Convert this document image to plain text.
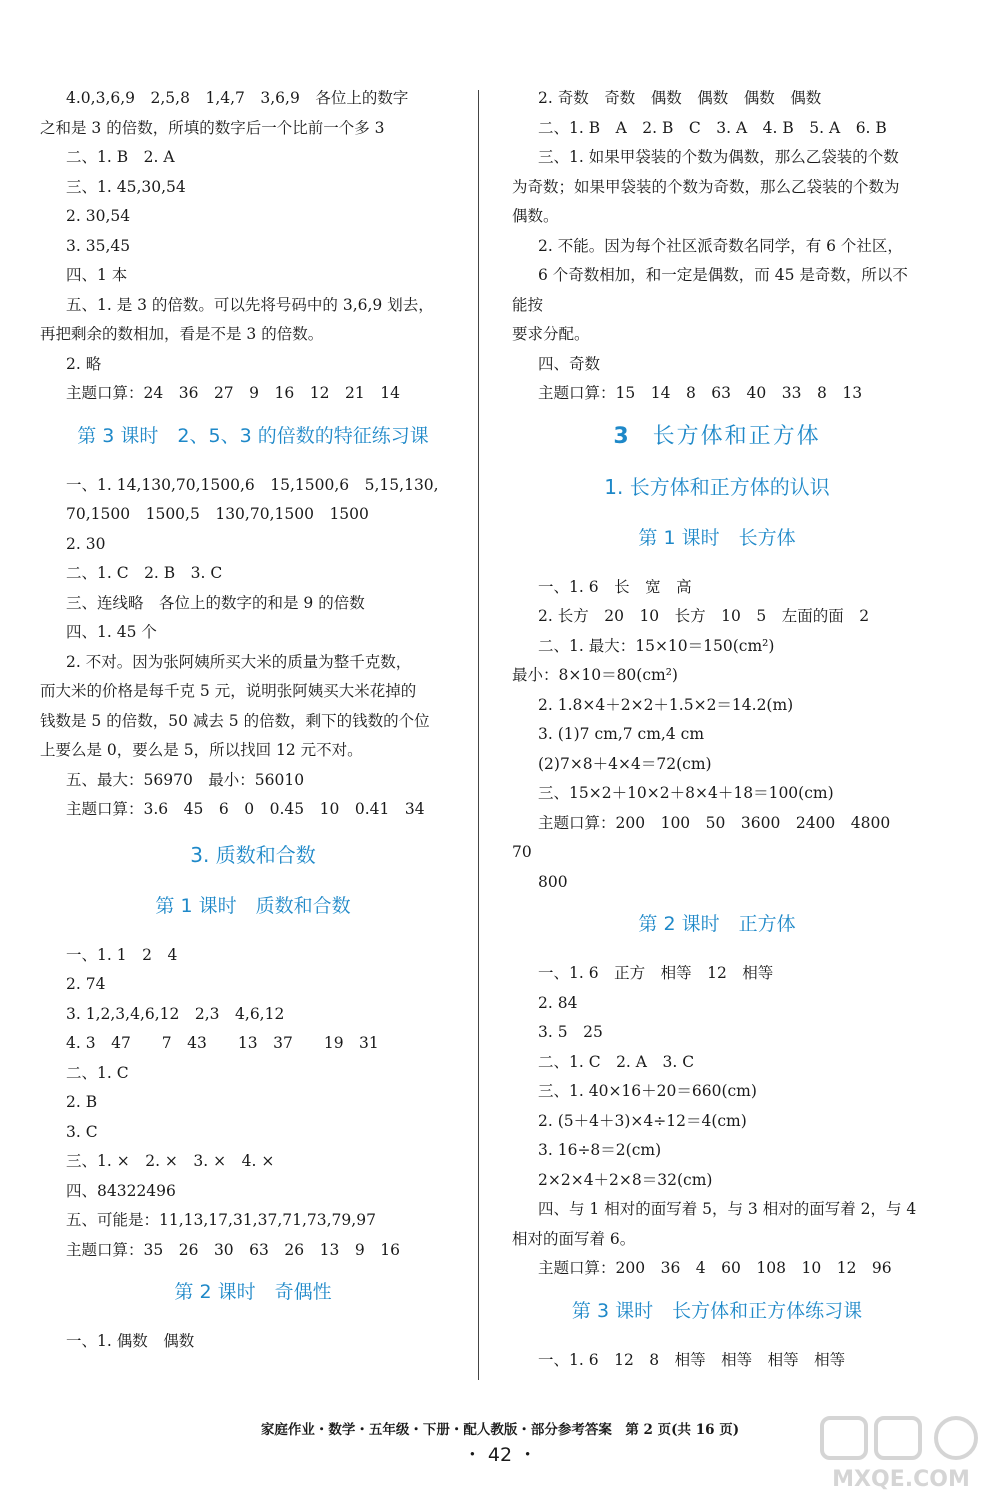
4.0,3,6,9　2,5,8　1,4,7　3,6,9　各位上的数字
之和是 3 的倍数，所填的数字后一个比前一个多 3
二、1. B　2. A
三、1. 45,30,54
2. 30,54
3. 35,45
四、1 本
五、1. 是 3 的倍数。可以先将号码中的 3,6,9 划去，
再把剩余的数相加，看是不是 3 的倍数。
2. 略
主题口算：24　36　27　9　16　12　21　14
第 3 课时　2、5、3 的倍数的特征练习课
一、1. 14,130,70,1500,6　15,1500,6　5,15,130,
70,1500　1500,5　130,70,1500　1500
2. 30
二、1. C　2. B　3. C
三、连线略　各位上的数字的和是 9 的倍数
四、1. 45 个
2. 不对。因为张阿姨所买大米的质量为整千克数，
而大米的价格是每千克 5 元，说明张阿姨买大米花掉的
钱数是 5 的倍数，50 减去 5 的倍数，剩下的钱数的个位
上要么是 0，要么是 5，所以找回 12 元不对。
五、最大：56970　最小：56010
主题口算：3.6　45　6　0　0.45　10　0.41　34
3. 质数和合数
第 1 课时　质数和合数
一、1. 1　2　4
2. 74
3. 1,2,3,4,6,12　2,3　4,6,12
4. 3　47　　7　43　　13　37　　19　31
二、1. C
2. B
3. C
三、1. ×　2. ×　3. ×　4. ×
四、84322496
五、可能是：11,13,17,31,37,71,73,79,97
主题口算：35　26　30　63　26　13　9　16
第 2 课时　奇偶性
一、1. 偶数　偶数
2. 奇数　奇数　偶数　偶数　偶数　偶数
二、1. B　A　2. B　C　3. A　4. B　5. A　6. B
三、1. 如果甲袋装的个数为偶数，那么乙袋装的个数
为奇数；如果甲袋装的个数为奇数，那么乙袋装的个数为
偶数。
2. 不能。因为每个社区派奇数名同学，有 6 个社区，
6 个奇数相加，和一定是偶数，而 45 是奇数，所以不能按
要求分配。
四、奇数
主题口算：15　14　8　63　40　33　8　13
3 长方体和正方体
1. 长方体和正方体的认识
第 1 课时　长方体
一、1. 6　长　宽　高
2. 长方　20　10　长方　10　5　左面的面　2
二、1. 最大：15×10＝150(cm²)
最小：8×10＝80(cm²)
2. 1.8×4＋2×2＋1.5×2＝14.2(m)
3. (1)7 cm,7 cm,4 cm
(2)7×8＋4×4＝72(cm)
三、15×2＋10×2＋8×4＋18＝100(cm)
主题口算：200　100　50　3600　2400　4800　70
800
第 2 课时　正方体
一、1. 6　正方　相等　12　相等
2. 84
3. 5　25
二、1. C　2. A　3. C
三、1. 40×16＋20＝660(cm)
2. (5＋4＋3)×4÷12＝4(cm)
3. 16÷8＝2(cm)
2×2×4＋2×8＝32(cm)
四、与 1 相对的面写着 5，与 3 相对的面写着 2，与 4
相对的面写着 6。
主题口算：200　36　4　60　108　10　12　96
第 3 课时　长方体和正方体练习课
一、1. 6　12　8　相等　相等　相等　相等
家庭作业・数学・五年级・下册・配人教版・部分参考答案　第 2 页(共 16 页)
・ 42 ・
MXQE.COM
